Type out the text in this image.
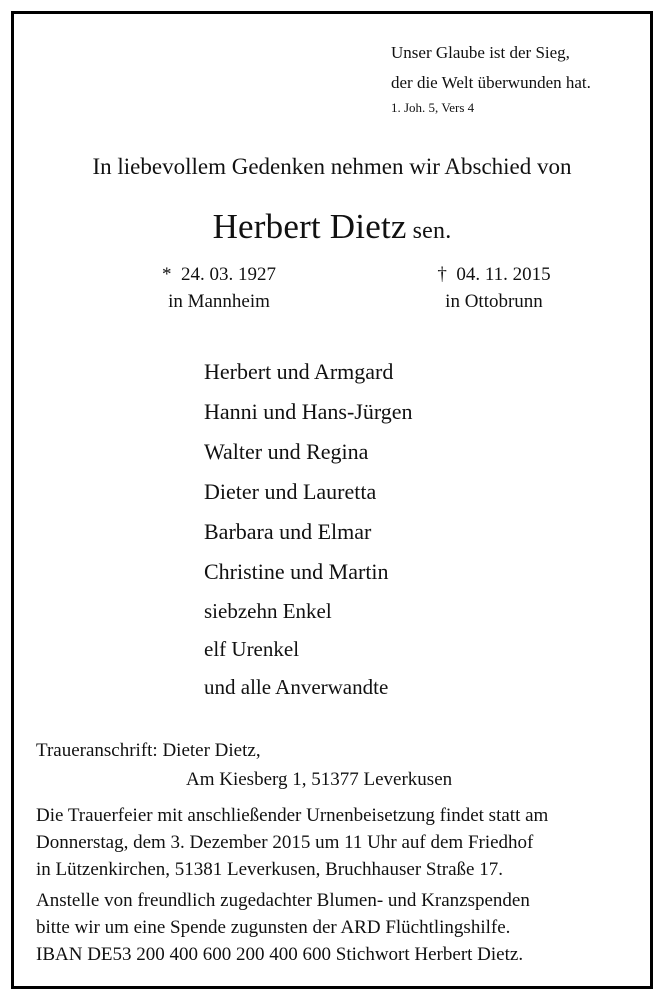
Unser Glaube ist der Sieg,
der die Welt überwunden hat.
1. Joh. 5, Vers 4
In liebevollem Gedenken nehmen wir Abschied von
Herbert Dietz sen.
*  24. 03. 1927
in Mannheim
†  04. 11. 2015
in Ottobrunn
Herbert und Armgard
Hanni und Hans-Jürgen
Walter und Regina
Dieter und Lauretta
Barbara und Elmar
Christine und Martin
siebzehn Enkel
elf Urenkel
und alle Anverwandte
Traueranschrift: Dieter Dietz,
Am Kiesberg 1, 51377 Leverkusen
Die Trauerfeier mit anschließender Urnenbeisetzung findet statt am
Donnerstag, dem 3. Dezember 2015 um 11 Uhr auf dem Friedhof
in Lützenkirchen, 51381 Leverkusen, Bruchhauser Straße 17.
Anstelle von freundlich zugedachter Blumen- und Kranzspenden
bitte wir um eine Spende zugunsten der ARD Flüchtlingshilfe.
IBAN DE53 200 400 600 200 400 600 Stichwort Herbert Dietz.
